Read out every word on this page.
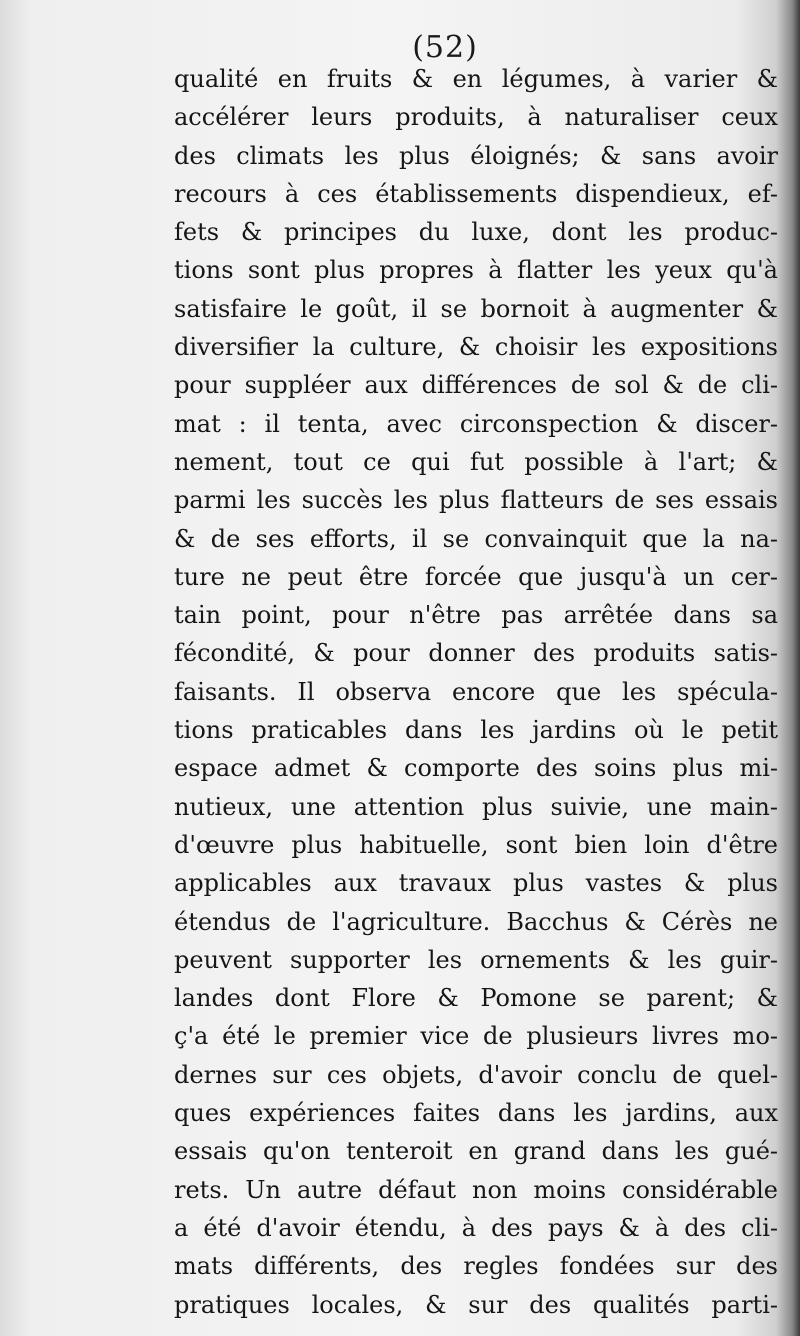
(52)
qualité en fruits & en légumes, à varier &
accélérer leurs produits, à naturaliser ceux
des climats les plus éloignés; & sans avoir
recours à ces établissements dispendieux, ef-
fets & principes du luxe, dont les produc-
tions sont plus propres à flatter les yeux qu'à
satisfaire le goût, il se bornoit à augmenter &
diversifier la culture, & choisir les expositions
pour suppléer aux différences de sol & de cli-
mat : il tenta, avec circonspection & discer-
nement, tout ce qui fut possible à l'art; &
parmi les succès les plus flatteurs de ses essais
& de ses efforts, il se convainquit que la na-
ture ne peut être forcée que jusqu'à un cer-
tain point, pour n'être pas arrêtée dans sa
fécondité, & pour donner des produits satis-
faisants. Il observa encore que les spécula-
tions praticables dans les jardins où le petit
espace admet & comporte des soins plus mi-
nutieux, une attention plus suivie, une main-
d'œuvre plus habituelle, sont bien loin d'être
applicables aux travaux plus vastes & plus
étendus de l'agriculture. Bacchus & Cérès ne
peuvent supporter les ornements & les guir-
landes dont Flore & Pomone se parent; &
ç'a été le premier vice de plusieurs livres mo-
dernes sur ces objets, d'avoir conclu de quel-
ques expériences faites dans les jardins, aux
essais qu'on tenteroit en grand dans les gué-
rets. Un autre défaut non moins considérable
a été d'avoir étendu, à des pays & à des cli-
mats différents, des regles fondées sur des
pratiques locales, & sur des qualités parti-
